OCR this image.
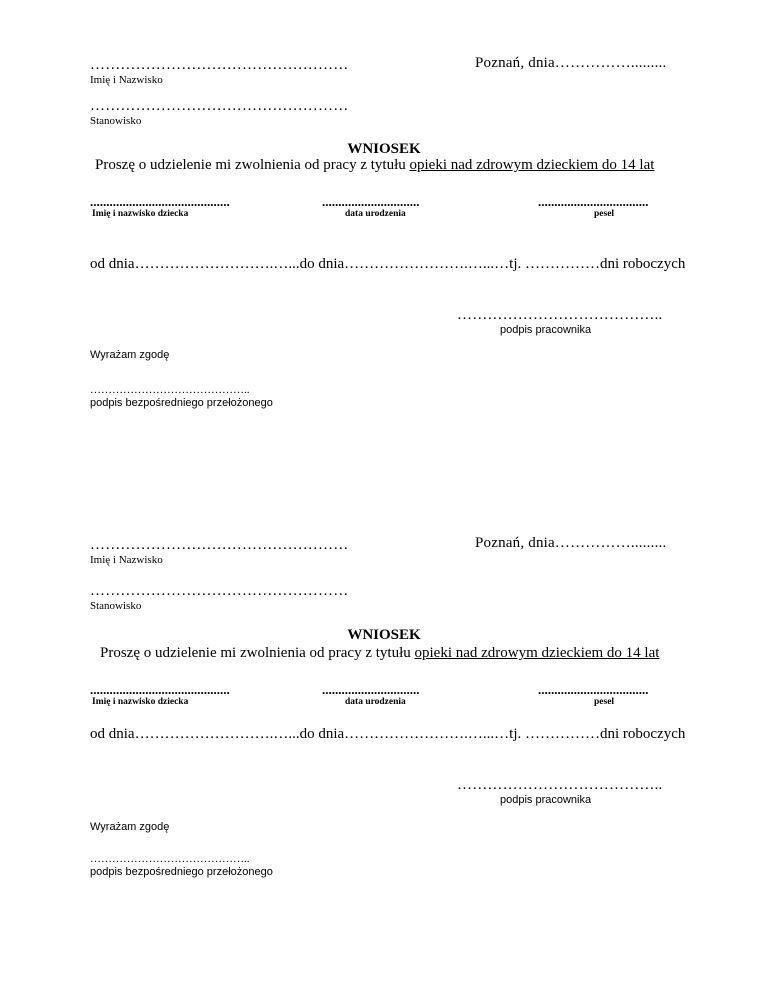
……………………………………………
Imię i Nazwisko
Poznań, dnia…………….........
……………………………………………
Stanowisko
WNIOSEK
Proszę o udzielenie mi zwolnienia od pracy z tytułu opieki nad zdrowym dzieckiem do 14 lat
...........................................
Imię i nazwisko dziecka
..............................
data urodzenia
..................................
pesel
od dnia……………………….…...do dnia…………………….…...…tj. ……………dni roboczych
…………………………………..
podpis pracownika
Wyrażam zgodę
……………………………………..
podpis bezpośredniego przełożonego
……………………………………………
Imię i Nazwisko
Poznań, dnia…………….........
……………………………………………
Stanowisko
WNIOSEK
Proszę o udzielenie mi zwolnienia od pracy z tytułu opieki nad zdrowym dzieckiem do 14 lat
...........................................
Imię i nazwisko dziecka
..............................
data urodzenia
..................................
pesel
od dnia……………………….…...do dnia…………………….…...…tj. ……………dni roboczych
…………………………………..
podpis pracownika
Wyrażam zgodę
……………………………………..
podpis bezpośredniego przełożonego
